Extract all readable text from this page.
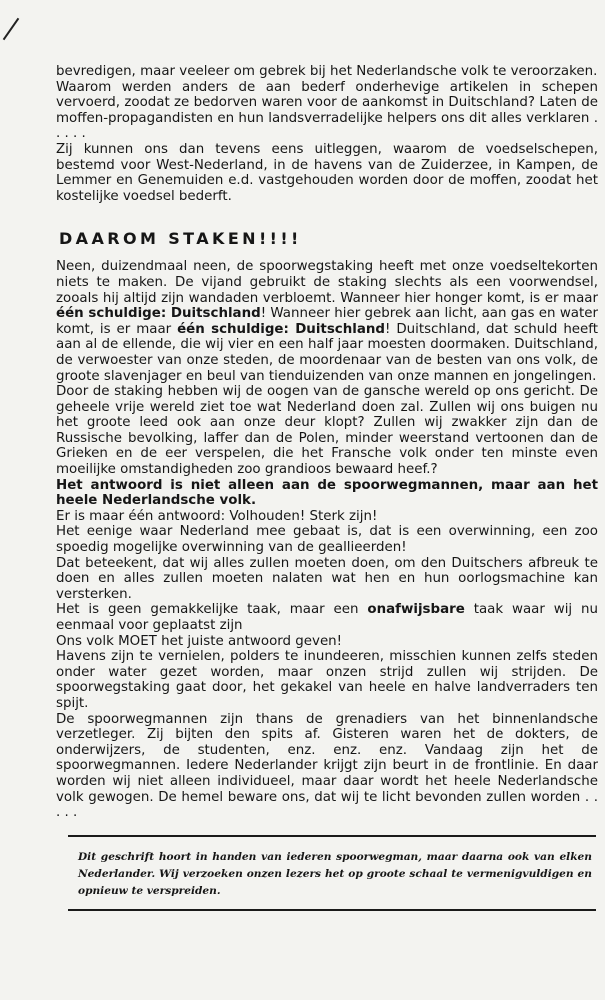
bevredigen, maar veeleer om gebrek bij het Nederlandsche volk te veroorzaken.

Waarom werden anders de aan bederf onderhevige artikelen in schepen vervoerd, zoodat ze bedorven waren voor de aankomst in Duitschland? Laten de moffen-propagandisten en hun landsverradelijke helpers ons dit alles verklaren . . . . .

Zij kunnen ons dan tevens eens uitleggen, waarom de voedselschepen, bestemd voor West-Nederland, in de havens van de Zuiderzee, in Kampen, de Lemmer en Genemuiden e.d. vastgehouden worden door de moffen, zoodat het kostelijke voedsel bederft.

DAAROM STAKEN!!!!

Neen, duizendmaal neen, de spoorwegstaking heeft met onze voedseltekorten niets te maken. De vijand gebruikt de staking slechts als een voorwendsel, zooals hij altijd zijn wandaden verbloemt. Wanneer hier honger komt, is er maar één schuldige: Duitschland! Wanneer hier gebrek aan licht, aan gas en water komt, is er maar één schuldige: Duitschland! Duitschland, dat schuld heeft aan al de ellende, die wij vier en een half jaar moesten doormaken. Duitschland, de verwoester van onze steden, de moordenaar van de besten van ons volk, de groote slavenjager en beul van tienduizenden van onze mannen en jongelingen.

Door de staking hebben wij de oogen van de gansche wereld op ons gericht. De geheele vrije wereld ziet toe wat Nederland doen zal. Zullen wij ons buigen nu het groote leed ook aan onze deur klopt? Zullen wij zwakker zijn dan de Russische bevolking, laffer dan de Polen, minder weerstand vertoonen dan de Grieken en de eer verspelen, die het Fransche volk onder ten minste even moeilijke omstandigheden zoo grandioos bewaard heef.?

Het antwoord is niet alleen aan de spoorwegmannen, maar aan het heele Nederlandsche volk.

Er is maar één antwoord: Volhouden! Sterk zijn!

Het eenige waar Nederland mee gebaat is, dat is een overwinning, een zoo spoedig mogelijke overwinning van de geallieerden!

Dat beteekent, dat wij alles zullen moeten doen, om den Duitschers afbreuk te doen en alles zullen moeten nalaten wat hen en hun oorlogsmachine kan versterken.

Het is geen gemakkelijke taak, maar een onafwijsbare taak waar wij nu eenmaal voor geplaatst zijn

Ons volk MOET het juiste antwoord geven!

Havens zijn te vernielen, polders te inundeeren, misschien kunnen zelfs steden onder water gezet worden, maar onzen strijd zullen wij strijden. De spoorwegstaking gaat door, het gekakel van heele en halve landverraders ten spijt.

De spoorwegmannen zijn thans de grenadiers van het binnenlandsche verzetleger. Zij bijten den spits af. Gisteren waren het de dokters, de onderwijzers, de studenten, enz. enz. enz. Vandaag zijn het de spoorwegmannen. Iedere Nederlander krijgt zijn beurt in de frontlinie. En daar worden wij niet alleen individueel, maar daar wordt het heele Nederlandsche volk gewogen. De hemel beware ons, dat wij te licht bevonden zullen worden . . . . .

Dit geschrift hoort in handen van iederen spoorwegman, maar daarna ook van elken Nederlander. Wij verzoeken onzen lezers het op groote schaal te vermenigvuldigen en opnieuw te verspreiden.
